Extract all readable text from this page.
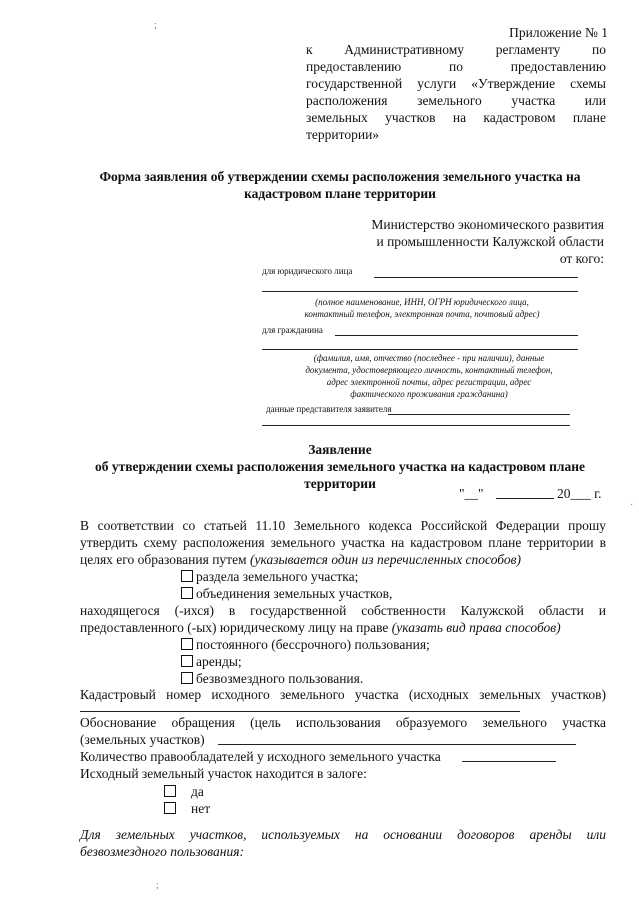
;
·
;
Приложение № 1
к Административному регламенту по
предоставлению по предоставлению
государственной услуги «Утверждение схемы
расположения земельного участка или
земельных участков на кадастровом плане
территории»
Форма заявления об утверждении схемы расположения земельного участка на
кадастровом плане территории
Министерство экономического развития
и промышленности Калужской области
от кого:
для юридического лица
(полное наименование, ИНН, ОГРН юридического лица,
контактный телефон, электронная почта, почтовый адрес)
для гражданина
(фамилия, имя, отчество (последнее - при наличии), данные
документа, удостоверяющего личность, контактный телефон,
адрес электронной почты, адрес регистрации, адрес
фактического проживания гражданина)
данные представителя заявителя
Заявление
об утверждении схемы расположения земельного участка на кадастровом плане
территории
"__"	20___ г.
В соответствии со статьей 11.10 Земельного кодекса Российской Федерации прошу
утвердить схему расположения земельного участка на кадастровом плане территории в
целях его образования путем (указывается один из перечисленных способов)
раздела земельного участка;
объединения земельных участков,
находящегося (-ихся) в государственной собственности Калужской области и
предоставленного (-ых) юридическому лицу на праве (указать вид права способов)
постоянного (бессрочного) пользования;
аренды;
безвозмездного пользования.
Кадастровый номер исходного земельного участка (исходных земельных участков)
Обоснование обращения (цель использования образуемого земельного участка
(земельных участков)
Количество правообладателей у исходного земельного участка
Исходный земельный участок находится в залоге:
да
нет
Для земельных участков, используемых на основании договоров аренды или
безвозмездного пользования:
